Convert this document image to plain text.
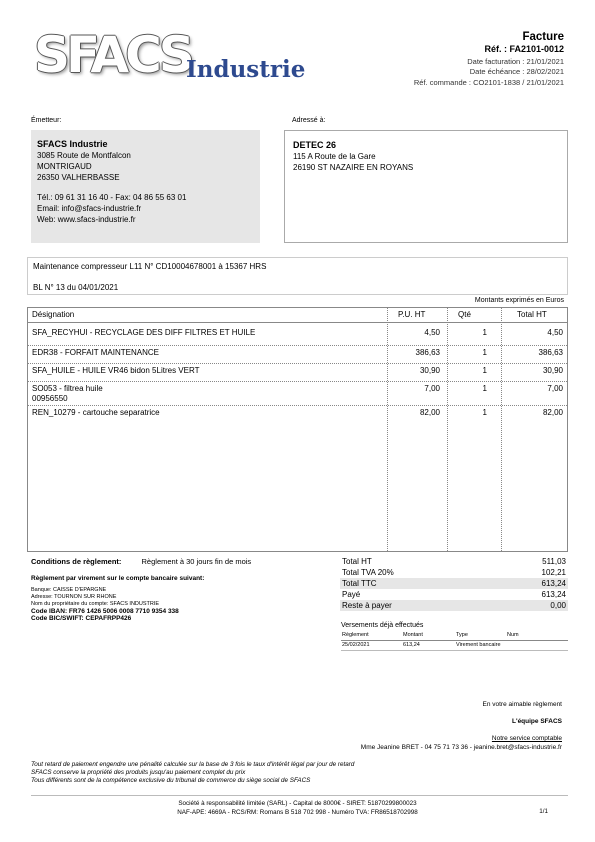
SFACS
Industrie
Facture
Réf. : FA2101-0012
Date facturation : 21/01/2021
Date échéance : 28/02/2021
Réf. commande : CO2101-1838 / 21/01/2021
Émetteur:
SFACS Industrie
3085 Route de Montfalcon
MONTRIGAUD
26350 VALHERBASSE
Tél.: 09 61 31 16 40 - Fax: 04 86 55 63 01
Email: info@sfacs-industrie.fr
Web: www.sfacs-industrie.fr
Adressé à:
DETEC 26
115 A Route de la Gare
26190 ST NAZAIRE EN ROYANS
Maintenance compresseur L11 N° CD10004678001 à 15367 HRS
BL N° 13 du 04/01/2021
Montants exprimés en Euros
Désignation	P.U. HT	Qté	Total HT
SFA_RECYHUI - RECYCLAGE DES DIFF FILTRES ET HUILE	4,50	1	4,50
EDR38 - FORFAIT MAINTENANCE	386,63	1	386,63
SFA_HUILE - HUILE VR46 bidon 5Litres VERT	30,90	1	30,90
SO053 - filtrea huile	7,00	1	7,00
00956550
REN_10279 - cartouche separatrice	82,00	1	82,00
Conditions de règlement:	Règlement à 30 jours fin de mois
Règlement par virement sur le compte bancaire suivant:
Banque: CAISSE D'EPARGNE
Adresse: TOURNON SUR RHONE
Nom du propriétaire du compte: SFACS INDUSTRIE
Code IBAN: FR76 1426 5006 0008 7710 9354 338
Code BIC/SWIFT: CEPAFRPP426
Total HT	511,03
Total TVA 20%	102,21
Total TTC	613,24
Payé	613,24
Reste à payer	0,00
Versements déjà effectués
Règlement	Montant	Type	Num
25/02/2021	613,24	Virement bancaire
En votre aimable règlement
L'équipe SFACS
Notre service comptable
Mme Jeanine BRET - 04 75 71 73 36 - jeanine.bret@sfacs-industrie.fr
Tout retard de paiement engendre une pénalité calculée sur la base de 3 fois le taux d'intérêt légal par jour de retard
SFACS conserve la propriété des produits jusqu'au paiement complet du prix
Tous différents sont de la compétence exclusive du tribunal de commerce du siège social de SFACS
Société à responsabilité limitée (SARL) - Capital de 8000€ - SIRET: 51870299800023
NAF-APE: 4669A - RCS/RM: Romans B 518 702 998 - Numéro TVA: FR86518702998	1/1
